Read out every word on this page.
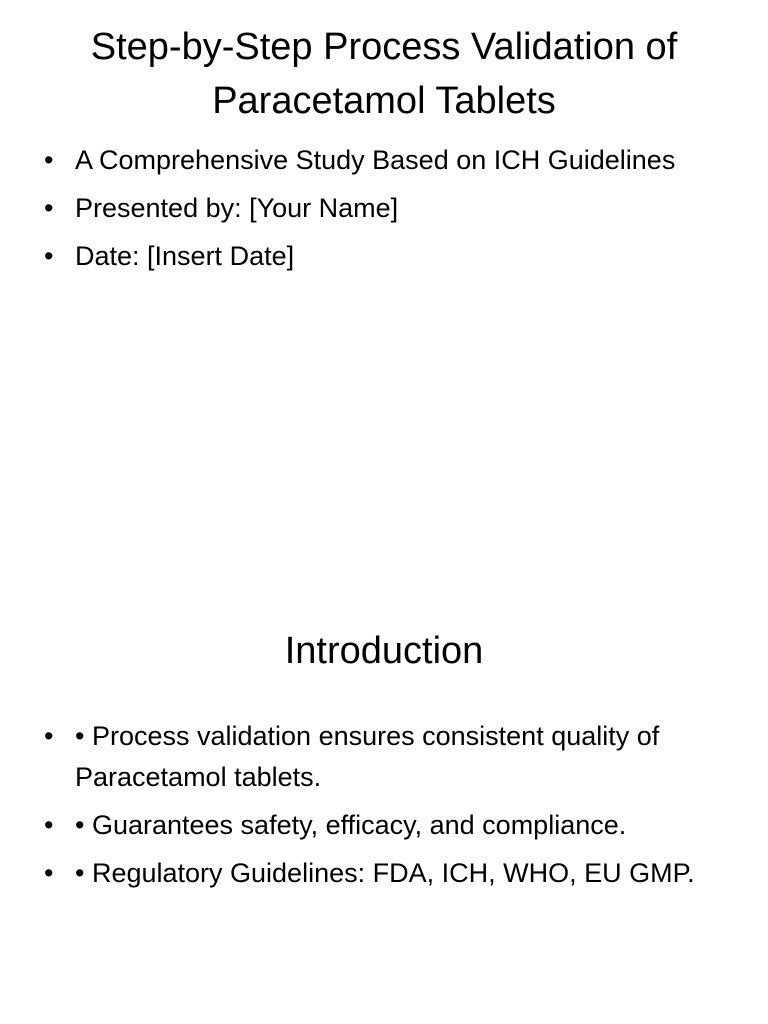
Step-by-Step Process Validation of Paracetamol Tablets
• A Comprehensive Study Based on ICH Guidelines
• Presented by: [Your Name]
• Date: [Insert Date]
Introduction
• • Process validation ensures consistent quality of Paracetamol tablets.
• • Guarantees safety, efficacy, and compliance.
• • Regulatory Guidelines: FDA, ICH, WHO, EU GMP.
